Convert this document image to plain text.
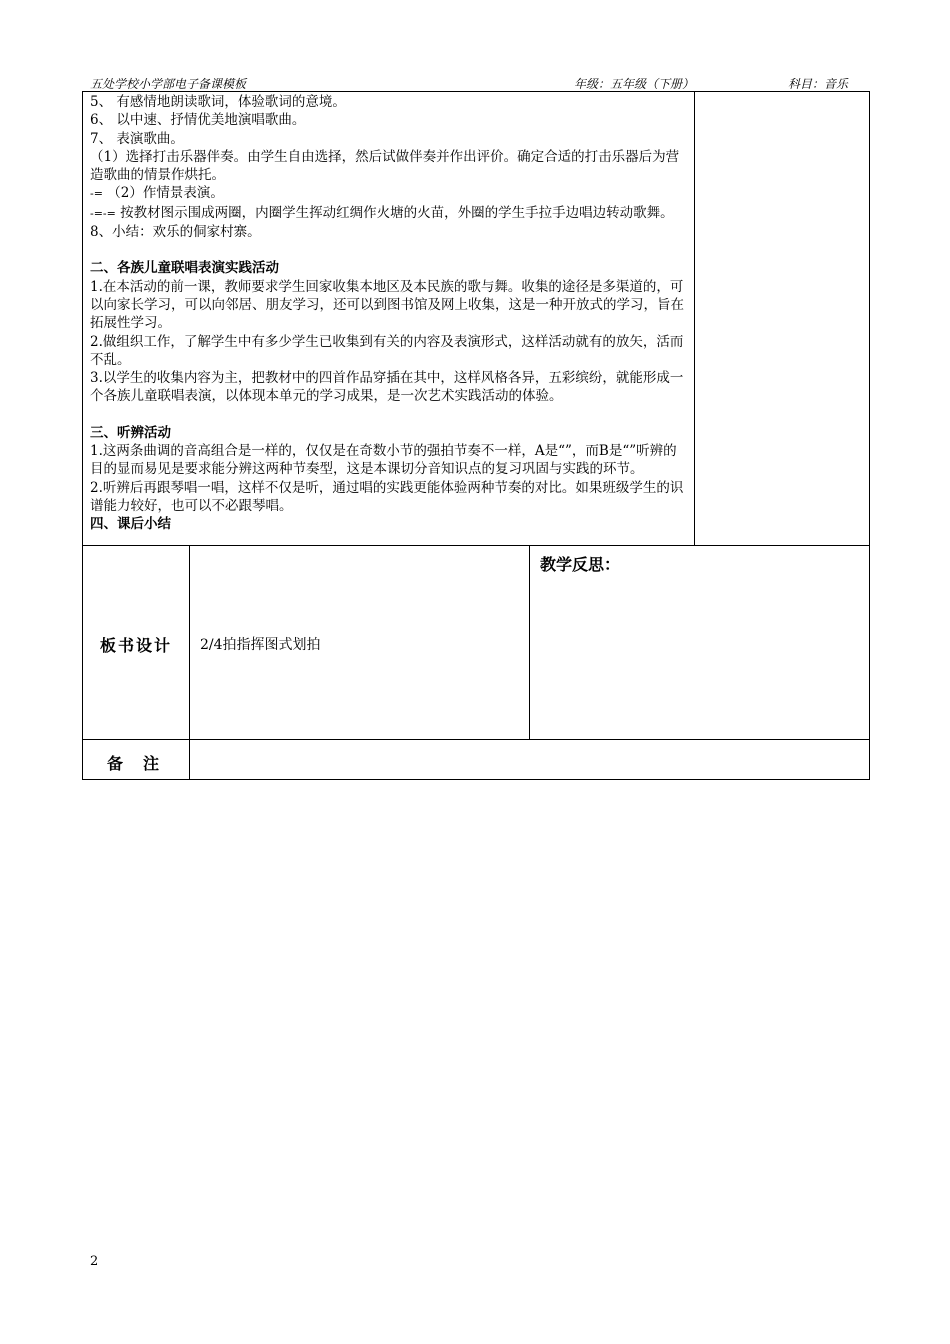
五处学校小学部电子备课模板	年级：五年级（下册）	科目：音乐

5、 有感情地朗读歌词，体验歌词的意境。

6、 以中速、抒情优美地演唱歌曲。

7、 表演歌曲。

（1）选择打击乐器伴奏。由学生自由选择，然后试做伴奏并作出评价。确定合适的打击乐器后为营造歌曲的情景作烘托。

-= （2）作情景表演。

-=-= 按教材图示围成两圈，内圈学生挥动红绸作火塘的火苗，外圈的学生手拉手边唱边转动歌舞。

8、小结：欢乐的侗家村寨。

二、各族儿童联唱表演实践活动

1.在本活动的前一课，教师要求学生回家收集本地区及本民族的歌与舞。收集的途径是多渠道的，可以向家长学习，可以向邻居、朋友学习，还可以到图书馆及网上收集，这是一种开放式的学习，旨在拓展性学习。

2.做组织工作，了解学生中有多少学生已收集到有关的内容及表演形式，这样活动就有的放矢，活而不乱。

3.以学生的收集内容为主，把教材中的四首作品穿插在其中，这样风格各异，五彩缤纷，就能形成一个各族儿童联唱表演，以体现本单元的学习成果，是一次艺术实践活动的体验。

三、听辨活动

1.这两条曲调的音高组合是一样的，仅仅是在奇数小节的强拍节奏不一样，A是“”，而B是“”听辨的目的显而易见是要求能分辨这两种节奏型，这是本课切分音知识点的复习巩固与实践的环节。

2.听辨后再跟琴唱一唱，这样不仅是听，通过唱的实践更能体验两种节奏的对比。如果班级学生的识谱能力较好，也可以不必跟琴唱。

四、课后小结

板书设计	2/4拍指挥图式划拍
教学反思：
备注
2
